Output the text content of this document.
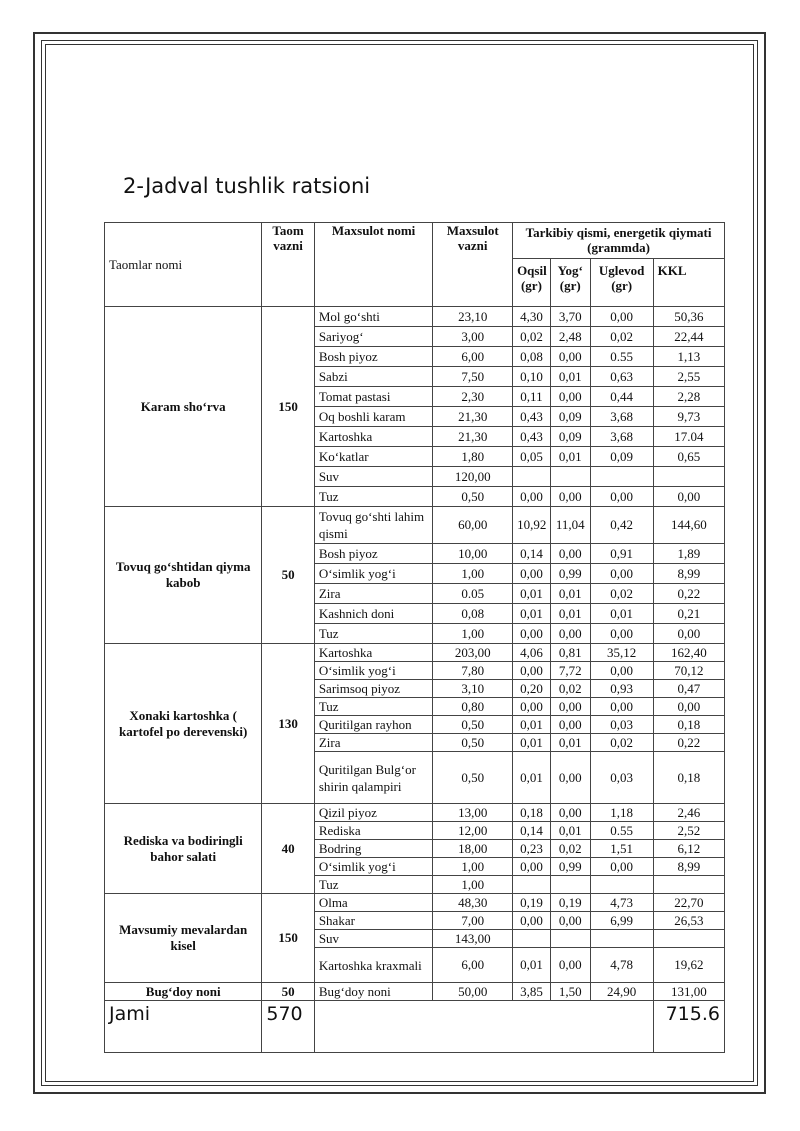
2-Jadval tushlik ratsioni
Taomlar nomi	Taom vazni	Maxsulot nomi	Maxsulot vazni	Tarkibiy qismi, energetik qiymati (grammda)			
				Oqsil (gr)	Yog‘ (gr)	Uglevod (gr)	KKL
Karam sho‘rva	150	Mol go‘shti	23,10	4,30	3,70	0,00	50,36
		Sariyog‘	3,00	0,02	2,48	0,02	22,44
		Bosh piyoz	6,00	0,08	0,00	0.55	1,13
		Sabzi	7,50	0,10	0,01	0,63	2,55
		Tomat pastasi	2,30	0,11	0,00	0,44	2,28
		Oq boshli karam	21,30	0,43	0,09	3,68	9,73
		Kartoshka	21,30	0,43	0,09	3,68	17.04
		Ko‘katlar	1,80	0,05	0,01	0,09	0,65
		Suv	120,00				
		Tuz	0,50	0,00	0,00	0,00	0,00
Tovuq go‘shtidan qiyma kabob	50	Tovuq go‘shti lahim qismi	60,00	10,92	11,04	0,42	144,60
		Bosh piyoz	10,00	0,14	0,00	0,91	1,89
		O‘simlik yog‘i	1,00	0,00	0,99	0,00	8,99
		Zira	0.05	0,01	0,01	0,02	0,22
		Kashnich doni	0,08	0,01	0,01	0,01	0,21
		Tuz	1,00	0,00	0,00	0,00	0,00
Xonaki kartoshka ( kartofel po derevenski)	130	Kartoshka	203,00	4,06	0,81	35,12	162,40
		O‘simlik yog‘i	7,80	0,00	7,72	0,00	70,12
		Sarimsoq piyoz	3,10	0,20	0,02	0,93	0,47
		Tuz	0,80	0,00	0,00	0,00	0,00
		Quritilgan rayhon	0,50	0,01	0,00	0,03	0,18
		Zira	0,50	0,01	0,01	0,02	0,22
		Quritilgan Bulg‘or shirin qalampiri	0,50	0,01	0,00	0,03	0,18
Rediska va bodiringli bahor salati	40	Qizil piyoz	13,00	0,18	0,00	1,18	2,46
		Rediska	12,00	0,14	0,01	0.55	2,52
		Bodring	18,00	0,23	0,02	1,51	6,12
		O‘simlik yog‘i	1,00	0,00	0,99	0,00	8,99
		Tuz	1,00				
Mavsumiy mevalardan kisel	150	Olma	48,30	0,19	0,19	4,73	22,70
		Shakar	7,00	0,00	0,00	6,99	26,53
		Suv	143,00				
		Kartoshka kraxmali	6,00	0,01	0,00	4,78	19,62
Bug‘doy noni	50	Bug‘doy noni	50,00	3,85	1,50	24,90	131,00
Jami	570						715.6
